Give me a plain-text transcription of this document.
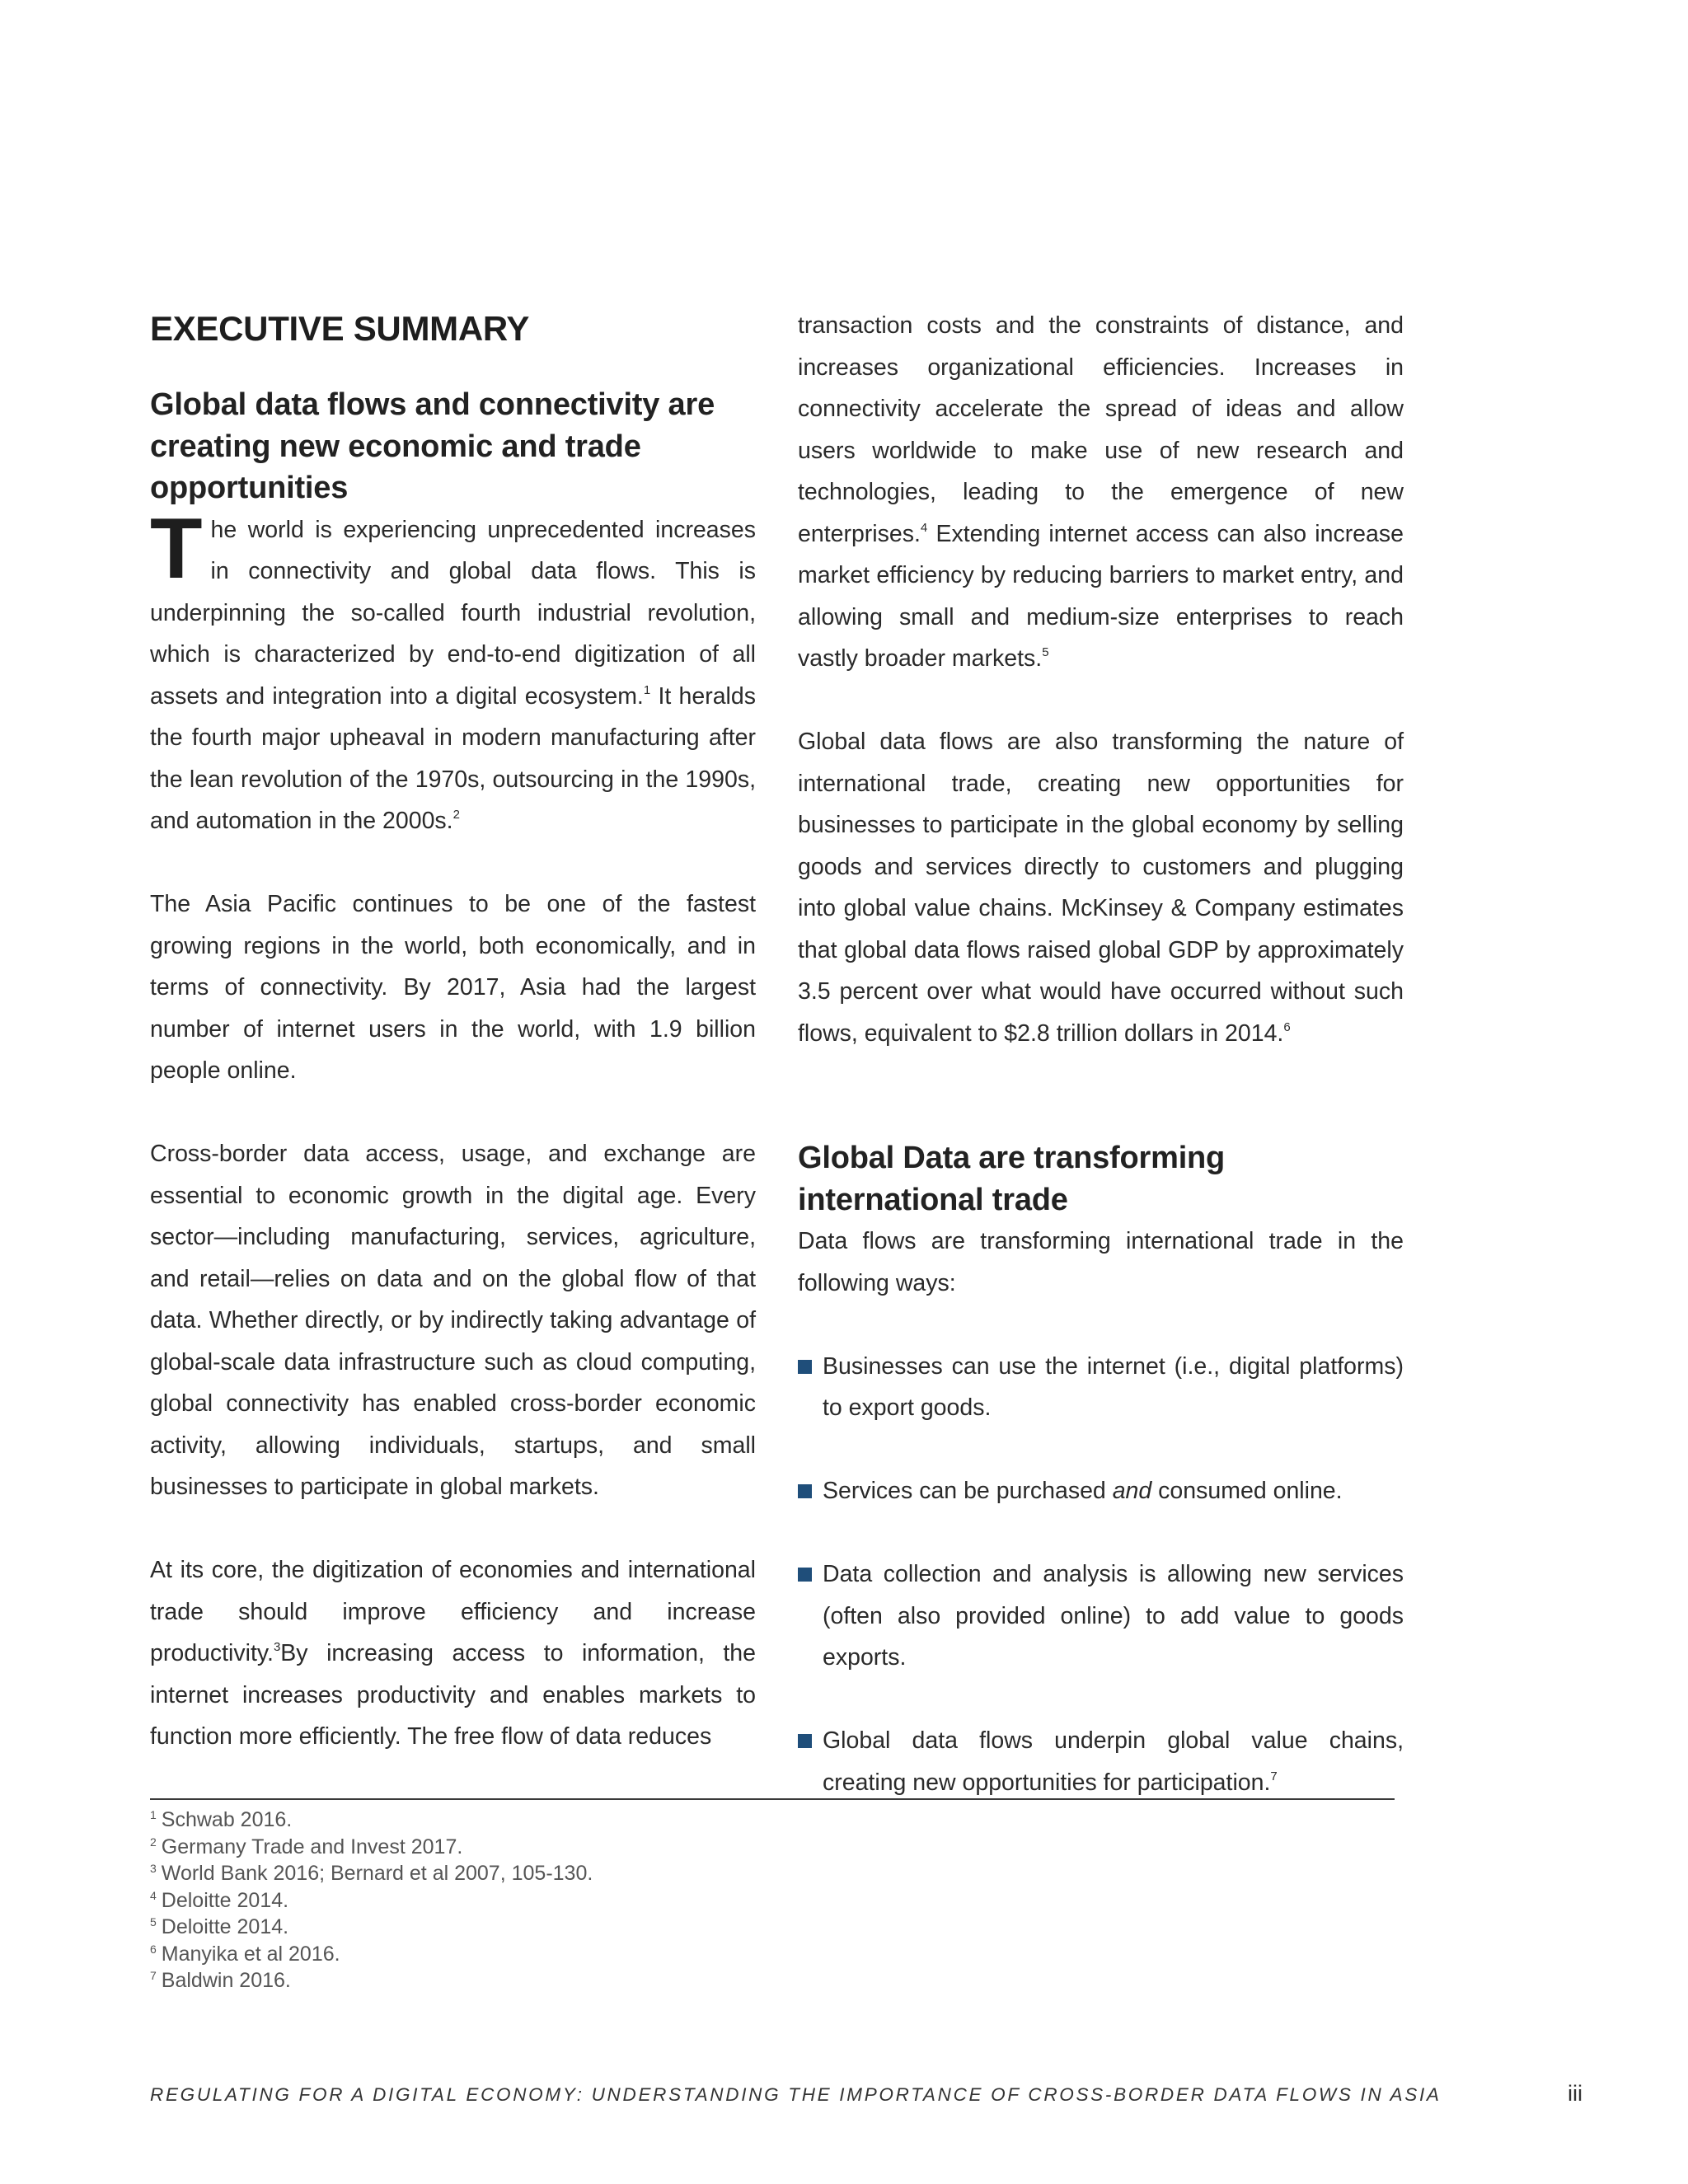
EXECUTIVE SUMMARY
Global data flows and connectivity are creating new economic and trade opportunities

The world is experiencing unprecedented increases in connectivity and global data flows. This is underpinning the so-called fourth industrial revolution, which is characterized by end-to-end digitization of all assets and integration into a digital ecosystem.$^1$ It heralds the fourth major upheaval in modern manufacturing after the lean revolution of the 1970s, outsourcing in the 1990s, and automation in the 2000s.$^2$

The Asia Pacific continues to be one of the fastest growing regions in the world, both economically, and in terms of connectivity. By 2017, Asia had the largest number of internet users in the world, with 1.9 billion people online.

Cross-border data access, usage, and exchange are essential to economic growth in the digital age. Every sector—including manufacturing, services, agriculture, and retail—relies on data and on the global flow of that data. Whether directly, or by indirectly taking advantage of global-scale data infrastructure such as cloud computing, global connectivity has enabled cross-border economic activity, allowing individuals, startups, and small businesses to participate in global markets.

At its core, the digitization of economies and international trade should improve efficiency and increase productivity.$^3$By increasing access to information, the internet increases productivity and enables markets to function more efficiently. The free flow of data reduces

transaction costs and the constraints of distance, and increases organizational efficiencies. Increases in connectivity accelerate the spread of ideas and allow users worldwide to make use of new research and technologies, leading to the emergence of new enterprises.$^4$ Extending internet access can also increase market efficiency by reducing barriers to market entry, and allowing small and medium-size enterprises to reach vastly broader markets.$^5$

Global data flows are also transforming the nature of international trade, creating new opportunities for businesses to participate in the global economy by selling goods and services directly to customers and plugging into global value chains. McKinsey & Company estimates that global data flows raised global GDP by approximately 3.5 percent over what would have occurred without such flows, equivalent to $2.8 trillion dollars in 2014.$^6$

Global Data are transforming international trade

Data flows are transforming international trade in the following ways:

Businesses can use the internet (i.e., digital platforms) to export goods.
Services can be purchased and consumed online.
Data collection and analysis is allowing new services (often also provided online) to add value to goods exports.
Global data flows underpin global value chains, creating new opportunities for participation.$^7$
$^1$ Schwab 2016.
$^2$ Germany Trade and Invest 2017.
$^3$ World Bank 2016; Bernard et al 2007, 105-130.
$^4$ Deloitte 2014.
$^5$ Deloitte 2014.
$^6$ Manyika et al 2016.
$^7$ Baldwin 2016.
REGULATING FOR A DIGITAL ECONOMY: UNDERSTANDING THE IMPORTANCE OF CROSS-BORDER DATA FLOWS IN ASIA	iii
